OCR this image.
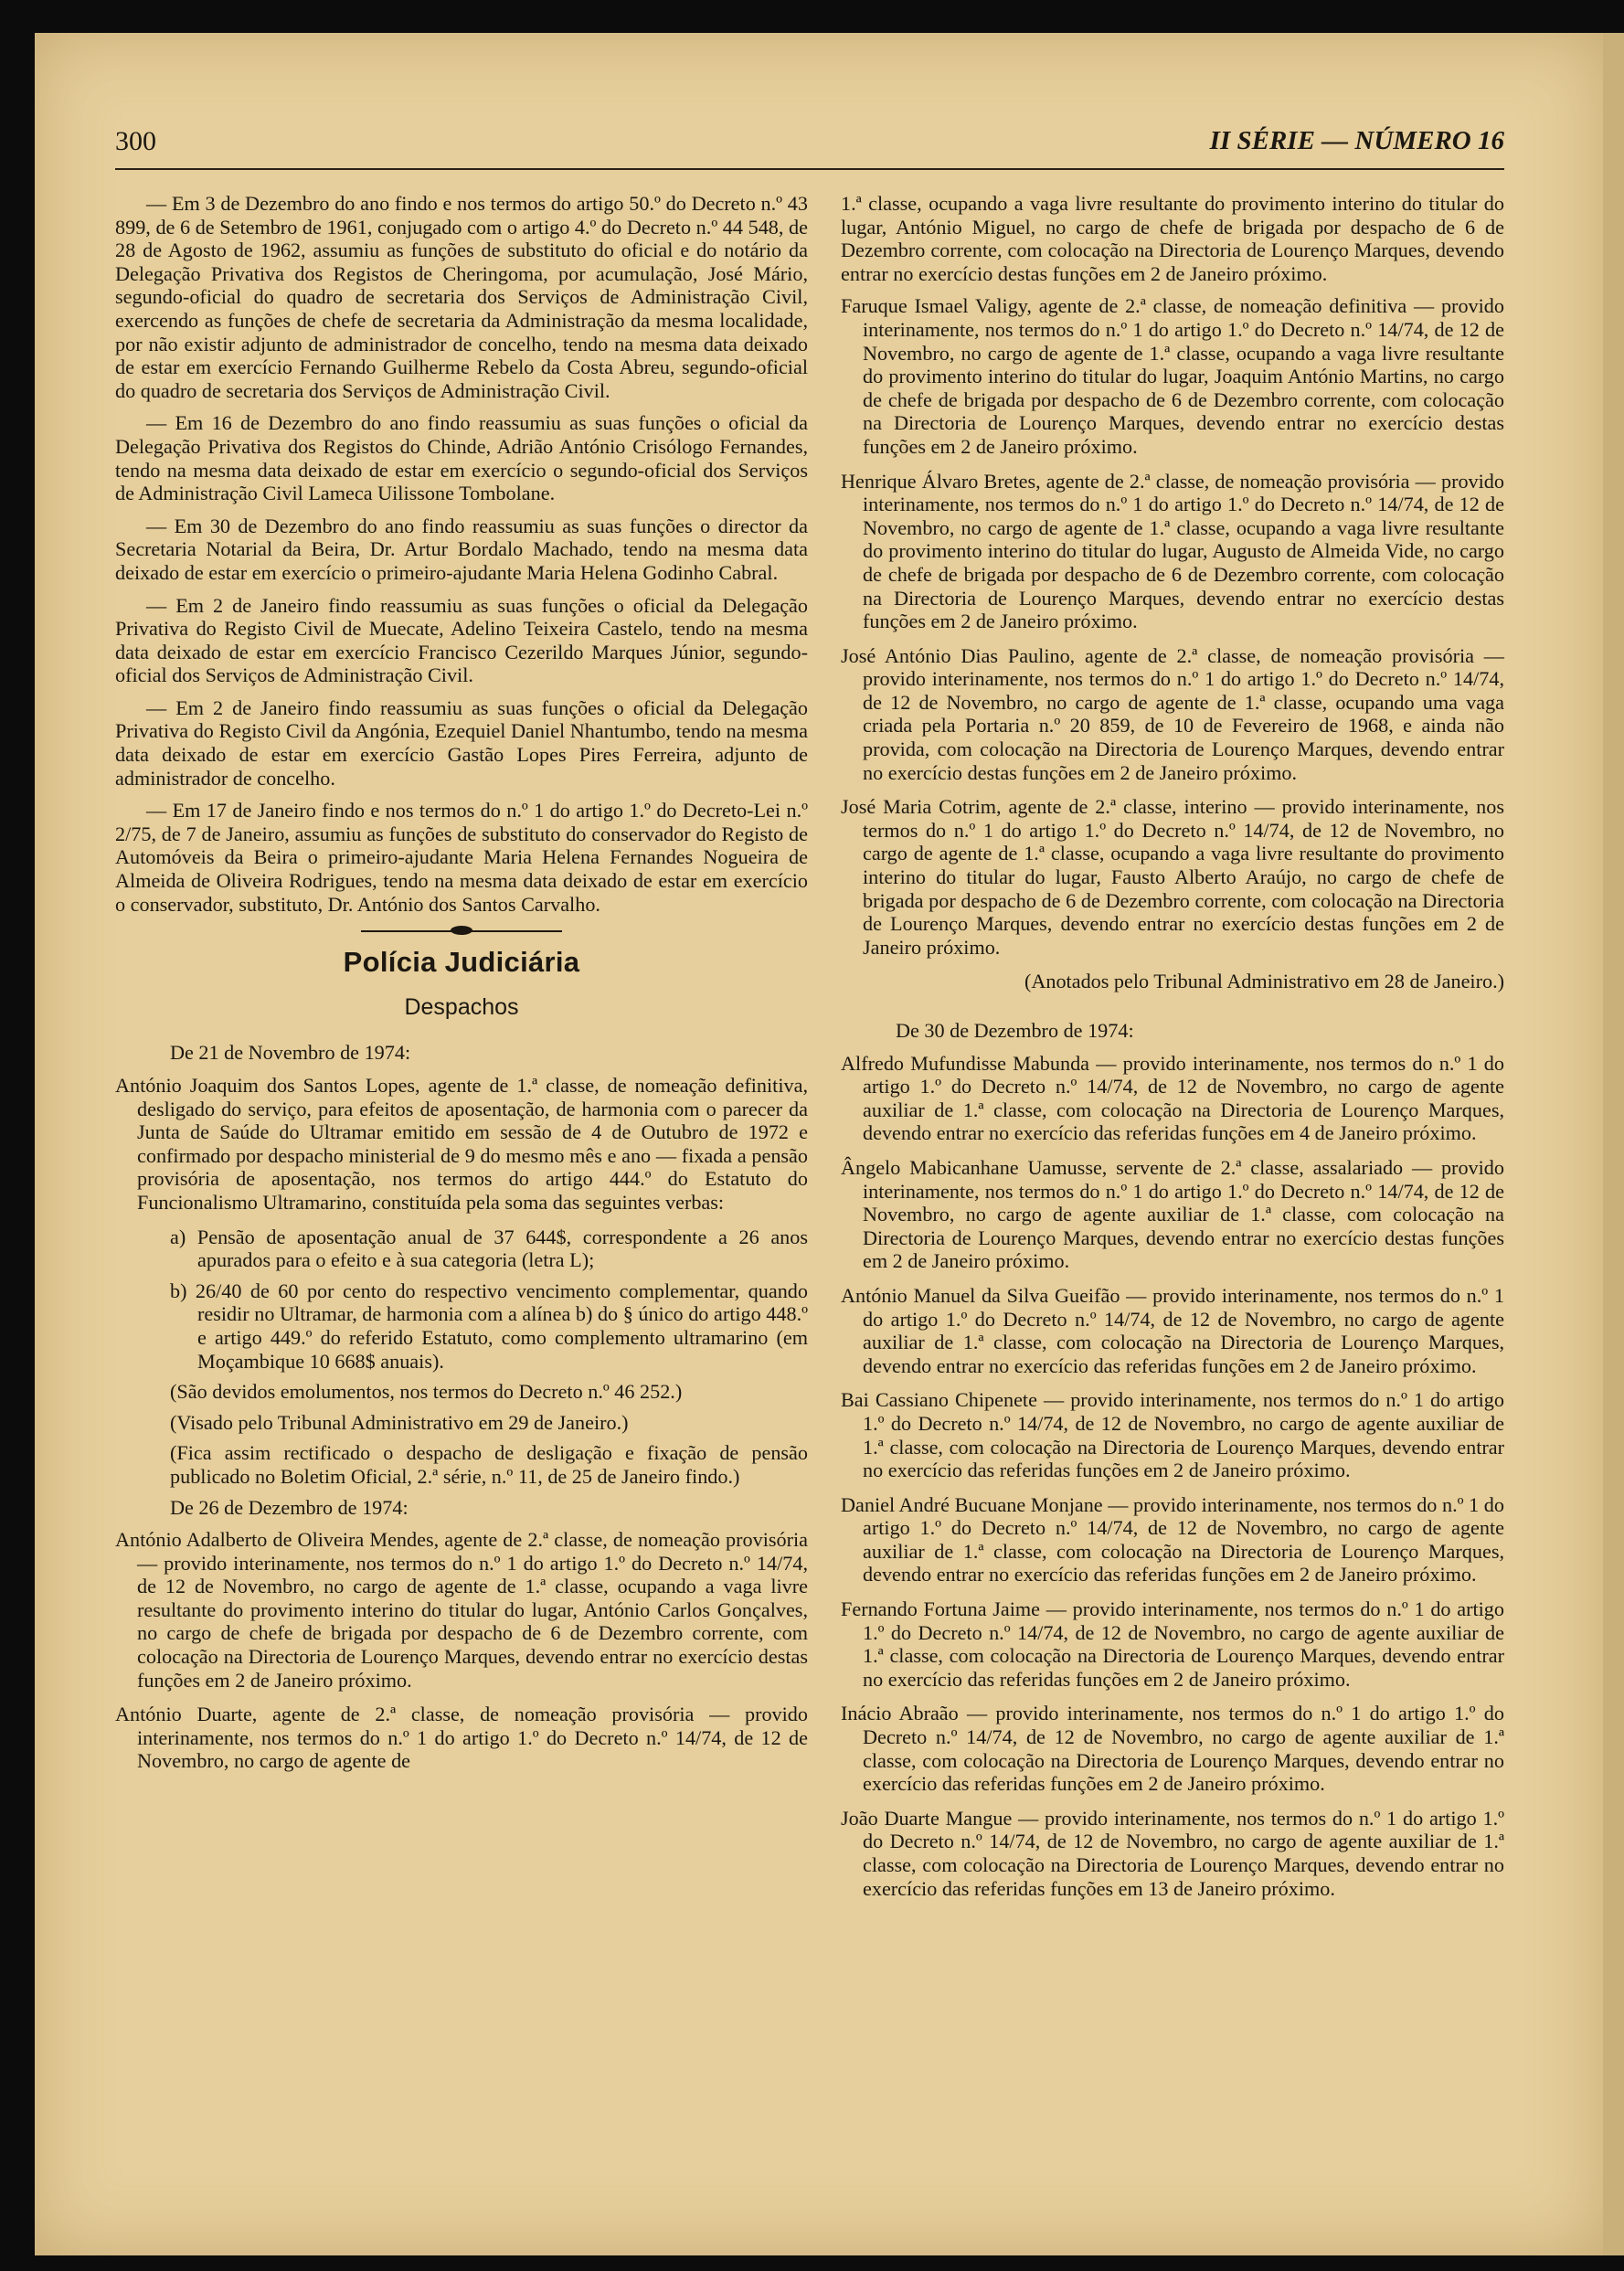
300	II SÉRIE — NÚMERO 16

— Em 3 de Dezembro do ano findo e nos termos do artigo 50.º do Decreto n.º 43 899, de 6 de Setembro de 1961, conjugado com o artigo 4.º do Decreto n.º 44 548, de 28 de Agosto de 1962, assumiu as funções de substituto do oficial e do notário da Delegação Privativa dos Registos de Cheringoma, por acumulação, José Mário, segundo-oficial do quadro de secretaria dos Serviços de Administração Civil, exercendo as funções de chefe de secretaria da Administração da mesma localidade, por não existir adjunto de administrador de concelho, tendo na mesma data deixado de estar em exercício Fernando Guilherme Rebelo da Costa Abreu, segundo-oficial do quadro de secretaria dos Serviços de Administração Civil.

— Em 16 de Dezembro do ano findo reassumiu as suas funções o oficial da Delegação Privativa dos Registos do Chinde, Adrião António Crisólogo Fernandes, tendo na mesma data deixado de estar em exercício o segundo-oficial dos Serviços de Administração Civil Lameca Uilissone Tombolane.

— Em 30 de Dezembro do ano findo reassumiu as suas funções o director da Secretaria Notarial da Beira, Dr. Artur Bordalo Machado, tendo na mesma data deixado de estar em exercício o primeiro-ajudante Maria Helena Godinho Cabral.

— Em 2 de Janeiro findo reassumiu as suas funções o oficial da Delegação Privativa do Registo Civil de Muecate, Adelino Teixeira Castelo, tendo na mesma data deixado de estar em exercício Francisco Cezerildo Marques Júnior, segundo-oficial dos Serviços de Administração Civil.

— Em 2 de Janeiro findo reassumiu as suas funções o oficial da Delegação Privativa do Registo Civil da Angónia, Ezequiel Daniel Nhantumbo, tendo na mesma data deixado de estar em exercício Gastão Lopes Pires Ferreira, adjunto de administrador de concelho.

— Em 17 de Janeiro findo e nos termos do n.º 1 do artigo 1.º do Decreto-Lei n.º 2/75, de 7 de Janeiro, assumiu as funções de substituto do conservador do Registo de Automóveis da Beira o primeiro-ajudante Maria Helena Fernandes Nogueira de Almeida de Oliveira Rodrigues, tendo na mesma data deixado de estar em exercício o conservador, substituto, Dr. António dos Santos Carvalho.

Polícia Judiciária
Despachos

De 21 de Novembro de 1974:

António Joaquim dos Santos Lopes, agente de 1.ª classe, de nomeação definitiva, desligado do serviço, para efeitos de aposentação, de harmonia com o parecer da Junta de Saúde do Ultramar emitido em sessão de 4 de Outubro de 1972 e confirmado por despacho ministerial de 9 do mesmo mês e ano — fixada a pensão provisória de aposentação, nos termos do artigo 444.º do Estatuto do Funcionalismo Ultramarino, constituída pela soma das seguintes verbas:

a) Pensão de aposentação anual de 37 644$, correspondente a 26 anos apurados para o efeito e à sua categoria (letra L);

b) 26/40 de 60 por cento do respectivo vencimento complementar, quando residir no Ultramar, de harmonia com a alínea b) do § único do artigo 448.º e artigo 449.º do referido Estatuto, como complemento ultramarino (em Moçambique 10 668$ anuais).

(São devidos emolumentos, nos termos do Decreto n.º 46 252.)

(Visado pelo Tribunal Administrativo em 29 de Janeiro.)

(Fica assim rectificado o despacho de desligação e fixação de pensão publicado no Boletim Oficial, 2.ª série, n.º 11, de 25 de Janeiro findo.)

De 26 de Dezembro de 1974:

António Adalberto de Oliveira Mendes, agente de 2.ª classe, de nomeação provisória — provido interinamente, nos termos do n.º 1 do artigo 1.º do Decreto n.º 14/74, de 12 de Novembro, no cargo de agente de 1.ª classe, ocupando a vaga livre resultante do provimento interino do titular do lugar, António Carlos Gonçalves, no cargo de chefe de brigada por despacho de 6 de Dezembro corrente, com colocação na Directoria de Lourenço Marques, devendo entrar no exercício destas funções em 2 de Janeiro próximo.

António Duarte, agente de 2.ª classe, de nomeação provisória — provido interinamente, nos termos do n.º 1 do artigo 1.º do Decreto n.º 14/74, de 12 de Novembro, no cargo de agente de

1.ª classe, ocupando a vaga livre resultante do provimento interino do titular do lugar, António Miguel, no cargo de chefe de brigada por despacho de 6 de Dezembro corrente, com colocação na Directoria de Lourenço Marques, devendo entrar no exercício destas funções em 2 de Janeiro próximo.

Faruque Ismael Valigy, agente de 2.ª classe, de nomeação definitiva — provido interinamente, nos termos do n.º 1 do artigo 1.º do Decreto n.º 14/74, de 12 de Novembro, no cargo de agente de 1.ª classe, ocupando a vaga livre resultante do provimento interino do titular do lugar, Joaquim António Martins, no cargo de chefe de brigada por despacho de 6 de Dezembro corrente, com colocação na Directoria de Lourenço Marques, devendo entrar no exercício destas funções em 2 de Janeiro próximo.

Henrique Álvaro Bretes, agente de 2.ª classe, de nomeação provisória — provido interinamente, nos termos do n.º 1 do artigo 1.º do Decreto n.º 14/74, de 12 de Novembro, no cargo de agente de 1.ª classe, ocupando a vaga livre resultante do provimento interino do titular do lugar, Augusto de Almeida Vide, no cargo de chefe de brigada por despacho de 6 de Dezembro corrente, com colocação na Directoria de Lourenço Marques, devendo entrar no exercício destas funções em 2 de Janeiro próximo.

José António Dias Paulino, agente de 2.ª classe, de nomeação provisória — provido interinamente, nos termos do n.º 1 do artigo 1.º do Decreto n.º 14/74, de 12 de Novembro, no cargo de agente de 1.ª classe, ocupando uma vaga criada pela Portaria n.º 20 859, de 10 de Fevereiro de 1968, e ainda não provida, com colocação na Directoria de Lourenço Marques, devendo entrar no exercício destas funções em 2 de Janeiro próximo.

José Maria Cotrim, agente de 2.ª classe, interino — provido interinamente, nos termos do n.º 1 do artigo 1.º do Decreto n.º 14/74, de 12 de Novembro, no cargo de agente de 1.ª classe, ocupando a vaga livre resultante do provimento interino do titular do lugar, Fausto Alberto Araújo, no cargo de chefe de brigada por despacho de 6 de Dezembro corrente, com colocação na Directoria de Lourenço Marques, devendo entrar no exercício destas funções em 2 de Janeiro próximo.

(Anotados pelo Tribunal Administrativo em 28 de Janeiro.)

De 30 de Dezembro de 1974:

Alfredo Mufundisse Mabunda — provido interinamente, nos termos do n.º 1 do artigo 1.º do Decreto n.º 14/74, de 12 de Novembro, no cargo de agente auxiliar de 1.ª classe, com colocação na Directoria de Lourenço Marques, devendo entrar no exercício das referidas funções em 4 de Janeiro próximo.

Ângelo Mabicanhane Uamusse, servente de 2.ª classe, assalariado — provido interinamente, nos termos do n.º 1 do artigo 1.º do Decreto n.º 14/74, de 12 de Novembro, no cargo de agente auxiliar de 1.ª classe, com colocação na Directoria de Lourenço Marques, devendo entrar no exercício destas funções em 2 de Janeiro próximo.

António Manuel da Silva Gueifão — provido interinamente, nos termos do n.º 1 do artigo 1.º do Decreto n.º 14/74, de 12 de Novembro, no cargo de agente auxiliar de 1.ª classe, com colocação na Directoria de Lourenço Marques, devendo entrar no exercício das referidas funções em 2 de Janeiro próximo.

Bai Cassiano Chipenete — provido interinamente, nos termos do n.º 1 do artigo 1.º do Decreto n.º 14/74, de 12 de Novembro, no cargo de agente auxiliar de 1.ª classe, com colocação na Directoria de Lourenço Marques, devendo entrar no exercício das referidas funções em 2 de Janeiro próximo.

Daniel André Bucuane Monjane — provido interinamente, nos termos do n.º 1 do artigo 1.º do Decreto n.º 14/74, de 12 de Novembro, no cargo de agente auxiliar de 1.ª classe, com colocação na Directoria de Lourenço Marques, devendo entrar no exercício das referidas funções em 2 de Janeiro próximo.

Fernando Fortuna Jaime — provido interinamente, nos termos do n.º 1 do artigo 1.º do Decreto n.º 14/74, de 12 de Novembro, no cargo de agente auxiliar de 1.ª classe, com colocação na Directoria de Lourenço Marques, devendo entrar no exercício das referidas funções em 2 de Janeiro próximo.

Inácio Abraão — provido interinamente, nos termos do n.º 1 do artigo 1.º do Decreto n.º 14/74, de 12 de Novembro, no cargo de agente auxiliar de 1.ª classe, com colocação na Directoria de Lourenço Marques, devendo entrar no exercício das referidas funções em 2 de Janeiro próximo.

João Duarte Mangue — provido interinamente, nos termos do n.º 1 do artigo 1.º do Decreto n.º 14/74, de 12 de Novembro, no cargo de agente auxiliar de 1.ª classe, com colocação na Directoria de Lourenço Marques, devendo entrar no exercício das referidas funções em 13 de Janeiro próximo.
